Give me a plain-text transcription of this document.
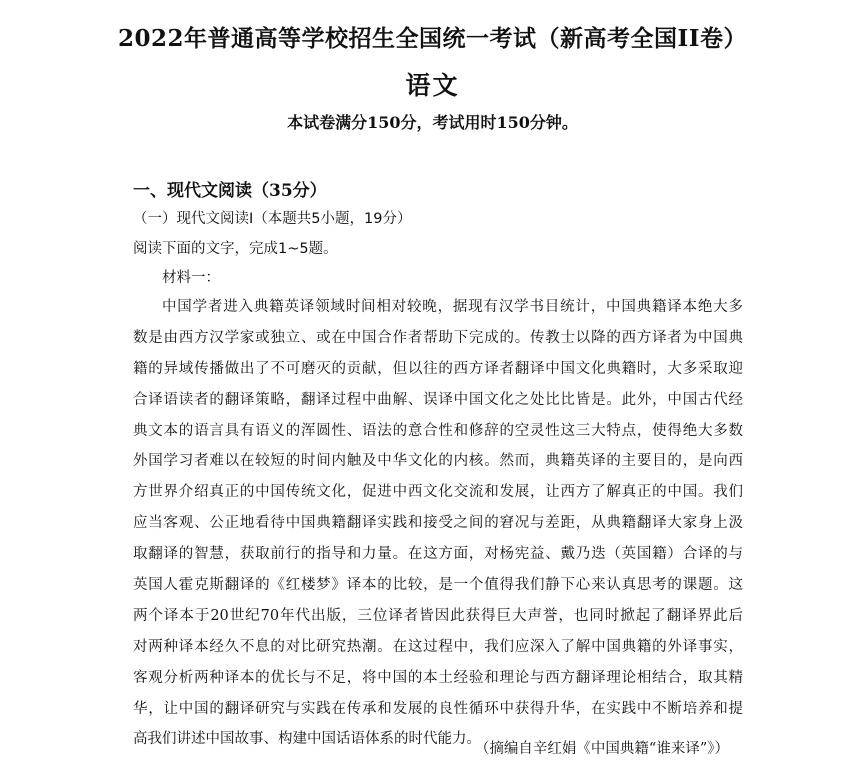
2022年普通高等学校招生全国统一考试（新高考全国II卷）
语文
本试卷满分150分，考试用时150分钟。
一、现代文阅读（35分）
（一）现代文阅读I（本题共5小题，19分）
阅读下面的文字，完成1~5题。
材料一：
中国学者进入典籍英译领域时间相对较晚，据现有汉学书目统计，中国典籍译本绝大多
数是由西方汉学家或独立、或在中国合作者帮助下完成的。传教士以降的西方译者为中国典
籍的异域传播做出了不可磨灭的贡献，但以往的西方译者翻译中国文化典籍时，大多采取迎
合译语读者的翻译策略，翻译过程中曲解、误译中国文化之处比比皆是。此外，中国古代经
典文本的语言具有语义的浑圆性、语法的意合性和修辞的空灵性这三大特点，使得绝大多数
外国学习者难以在较短的时间内触及中华文化的内核。然而，典籍英译的主要目的，是向西
方世界介绍真正的中国传统文化，促进中西文化交流和发展，让西方了解真正的中国。我们
应当客观、公正地看待中国典籍翻译实践和接受之间的窘况与差距，从典籍翻译大家身上汲
取翻译的智慧，获取前行的指导和力量。在这方面，对杨宪益、戴乃迭（英国籍）合译的与
英国人霍克斯翻译的《红楼梦》译本的比较，是一个值得我们静下心来认真思考的课题。这
两个译本于20世纪70年代出版，三位译者皆因此获得巨大声誉，也同时掀起了翻译界此后
对两种译本经久不息的对比研究热潮。在这过程中，我们应深入了解中国典籍的外译事实，
客观分析两种译本的优长与不足，将中国的本土经验和理论与西方翻译理论相结合，取其精
华，让中国的翻译研究与实践在传承和发展的良性循环中获得升华，在实践中不断培养和提
高我们讲述中国故事、构建中国话语体系的时代能力。
（摘编自辛红娟《中国典籍“谁来译”》）
